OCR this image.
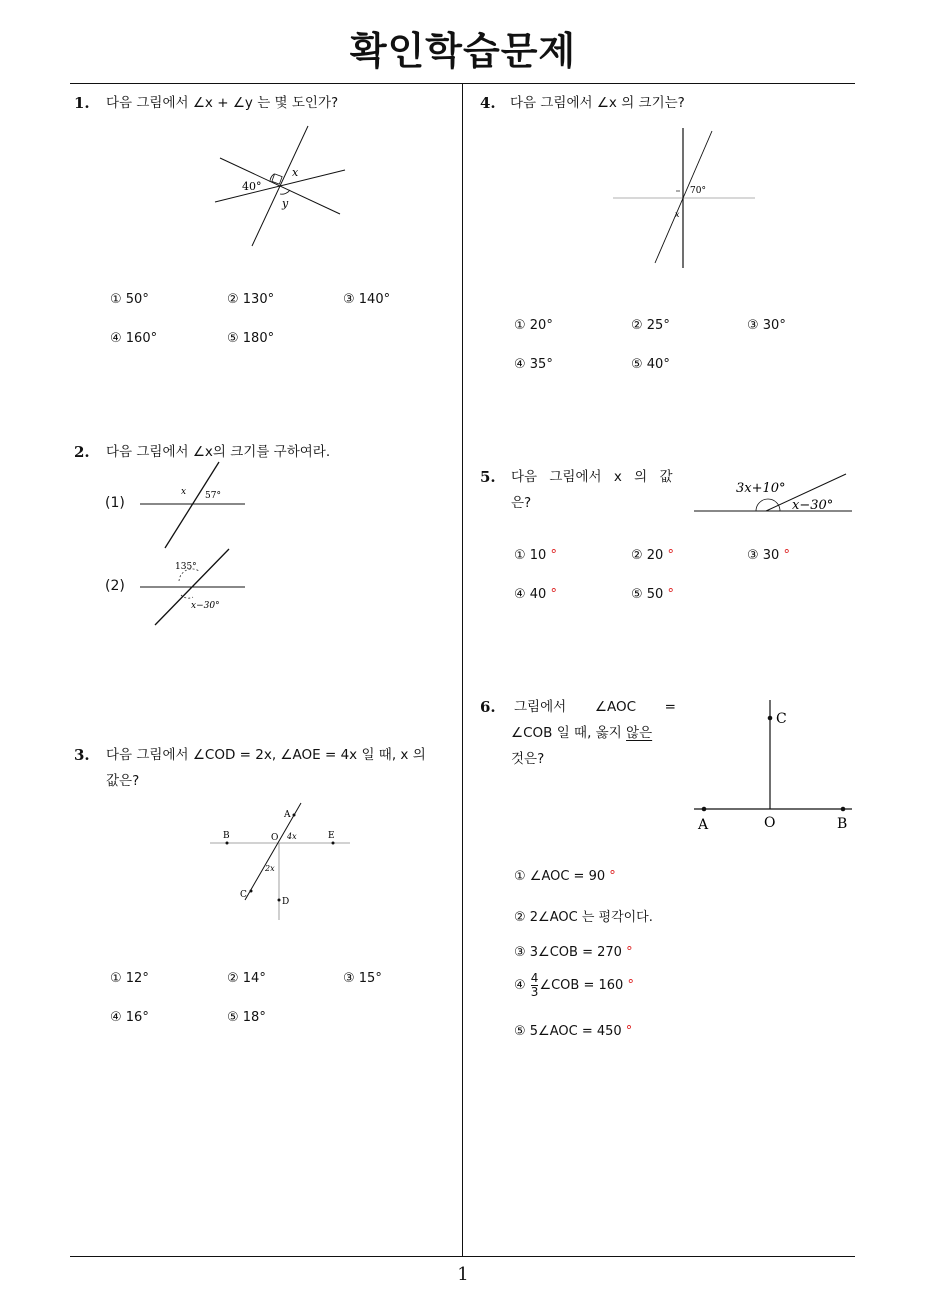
확인학습문제
1
1. 다음 그림에서 ∠x + ∠y 는 몇 도인가?
40°
x
y
① 50°	② 130°	③ 140°
④ 160°	⑤ 180°
2. 다음 그림에서 ∠x의 크기를 구하여라.
(1)
x 57°
(2)
135°
x−30°
3. 다음 그림에서 ∠COD = 2x, ∠AOE = 4x 일 때, x 의
값은?
B	E
A
O 4x
2x
C
D
① 12°	② 14°	③ 15°
④ 16°	⑤ 18°
4. 다음 그림에서 ∠x 의 크기는?
70°
x
① 20°	② 25°	③ 30°
④ 35°	⑤ 40°
5. 다음 그림에서 x 의 값
은?
3x+10°
x−30°
① 10 °	② 20 °	③ 30 °
④ 40 °	⑤ 50 °
6. 그림에서 ∠AOC =
∠COB 일 때, 옳지 않은
것은?
C
A	O	B
① ∠AOC = 90 °
② 2∠AOC 는 평각이다.
③ 3∠COB = 270 °
④ $\frac{4}{3}$ ∠COB = 160 °
⑤ 5∠AOC = 450 °
